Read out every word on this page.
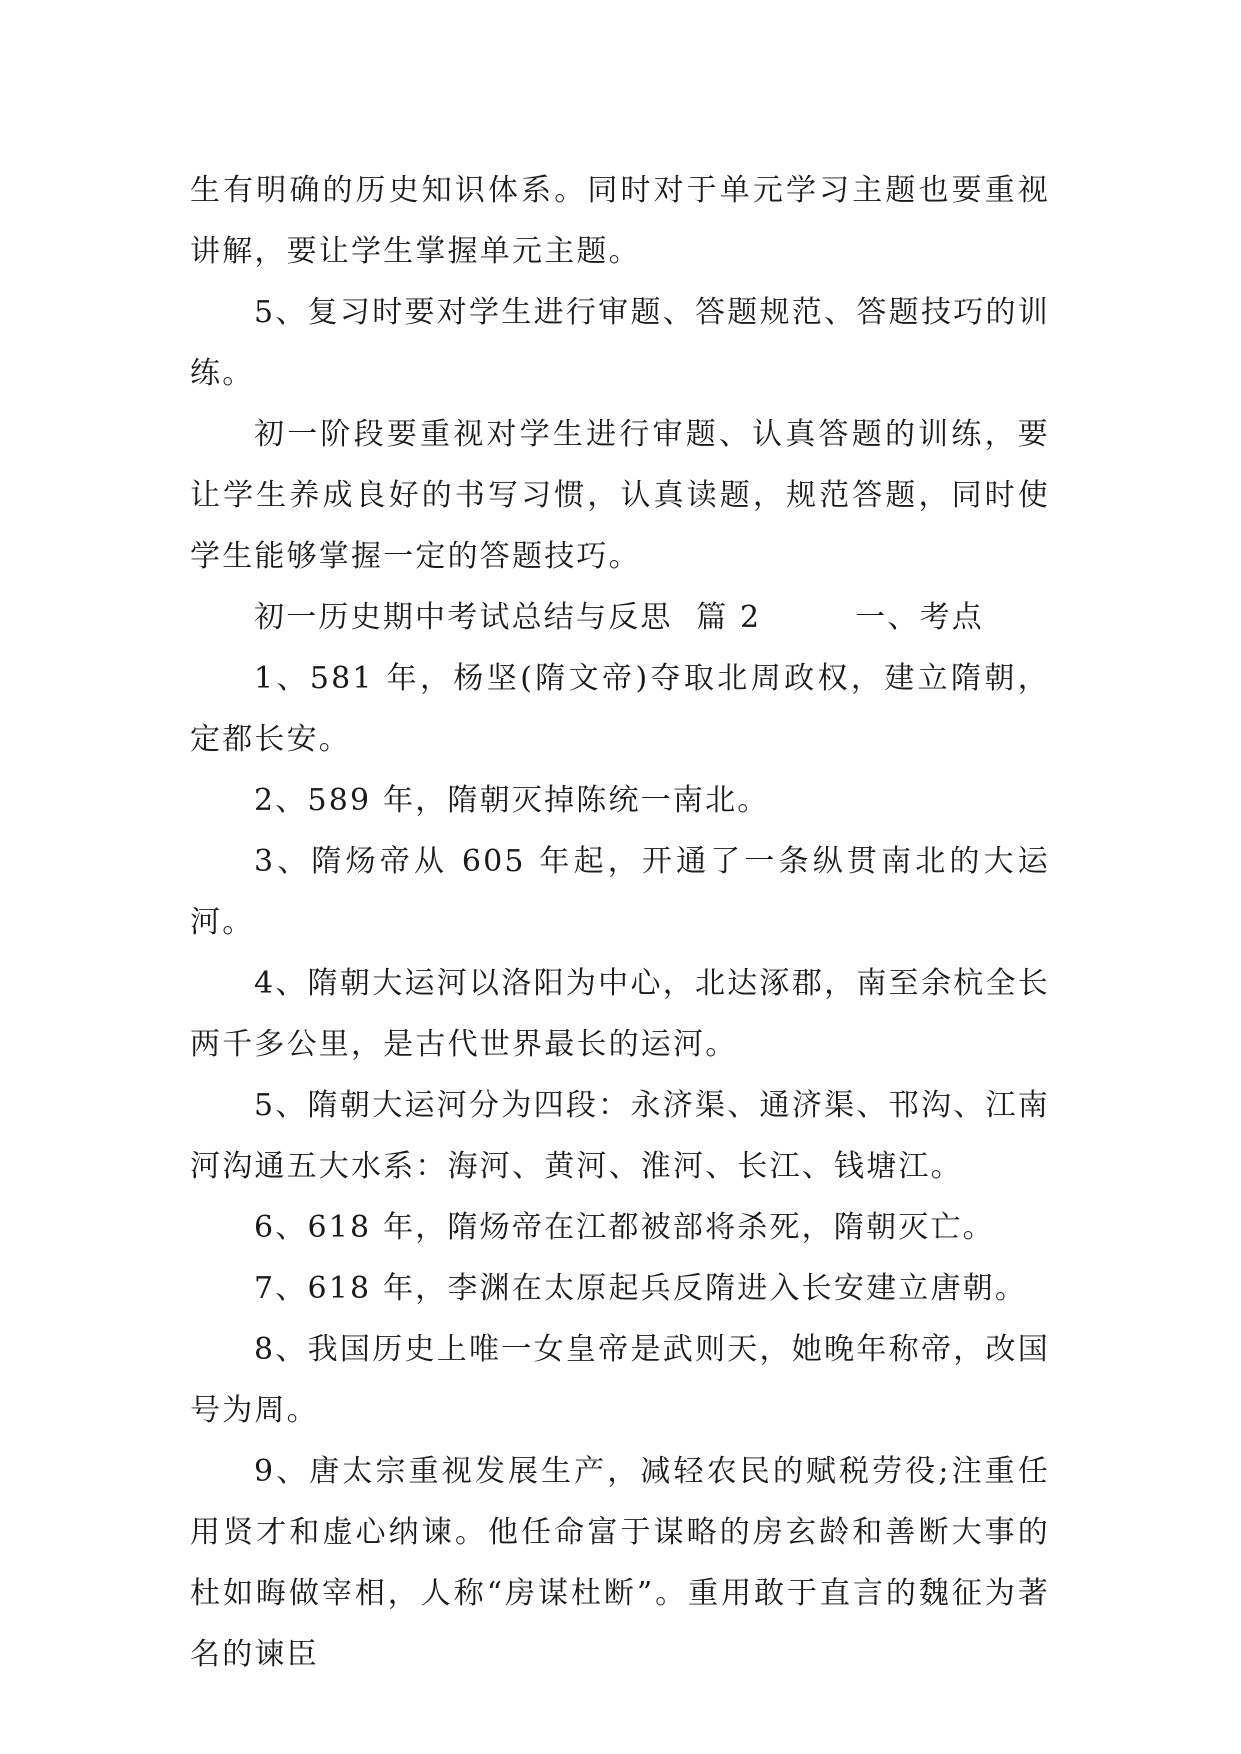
生有明确的历史知识体系。同时对于单元学习主题也要重视讲解，要让学生掌握单元主题。

5、复习时要对学生进行审题、答题规范、答题技巧的训练。

初一阶段要重视对学生进行审题、认真答题的训练，要让学生养成良好的书写习惯，认真读题，规范答题，同时使学生能够掌握一定的答题技巧。

初一历史期中考试总结与反思  篇 2        一、考点

1、581 年，杨坚(隋文帝)夺取北周政权，建立隋朝，定都长安。

2、589 年，隋朝灭掉陈统一南北。

3、隋炀帝从 605 年起，开通了一条纵贯南北的大运河。

4、隋朝大运河以洛阳为中心，北达涿郡，南至余杭全长两千多公里，是古代世界最长的运河。

5、隋朝大运河分为四段：永济渠、通济渠、邗沟、江南河沟通五大水系：海河、黄河、淮河、长江、钱塘江。

6、618 年，隋炀帝在江都被部将杀死，隋朝灭亡。

7、618 年，李渊在太原起兵反隋进入长安建立唐朝。

8、我国历史上唯一女皇帝是武则天，她晚年称帝，改国号为周。

9、唐太宗重视发展生产，减轻农民的赋税劳役;注重任用贤才和虚心纳谏。他任命富于谋略的房玄龄和善断大事的杜如晦做宰相，人称“房谋杜断”。重用敢于直言的魏征为著名的谏臣
